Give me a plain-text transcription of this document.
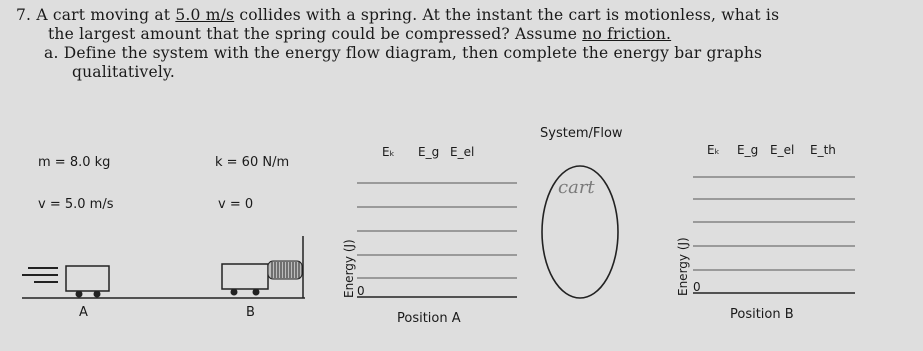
7. A cart moving at 5.0 m/s collides with a spring. At the instant the cart is motionless, what is
the largest amount that the spring could be compressed? Assume no friction.
a. Define the system with the energy flow diagram, then complete the energy bar graphs
qualitatively.
m = 8.0 kg	k = 60 N/m
v = 5.0 m/s	v = 0
A	B
Eₖ E_g E_el
Energy (J) 0
Position A
System/Flow
cart
Eₖ E_g E_el E_th
Energy (J) 0
Position B
